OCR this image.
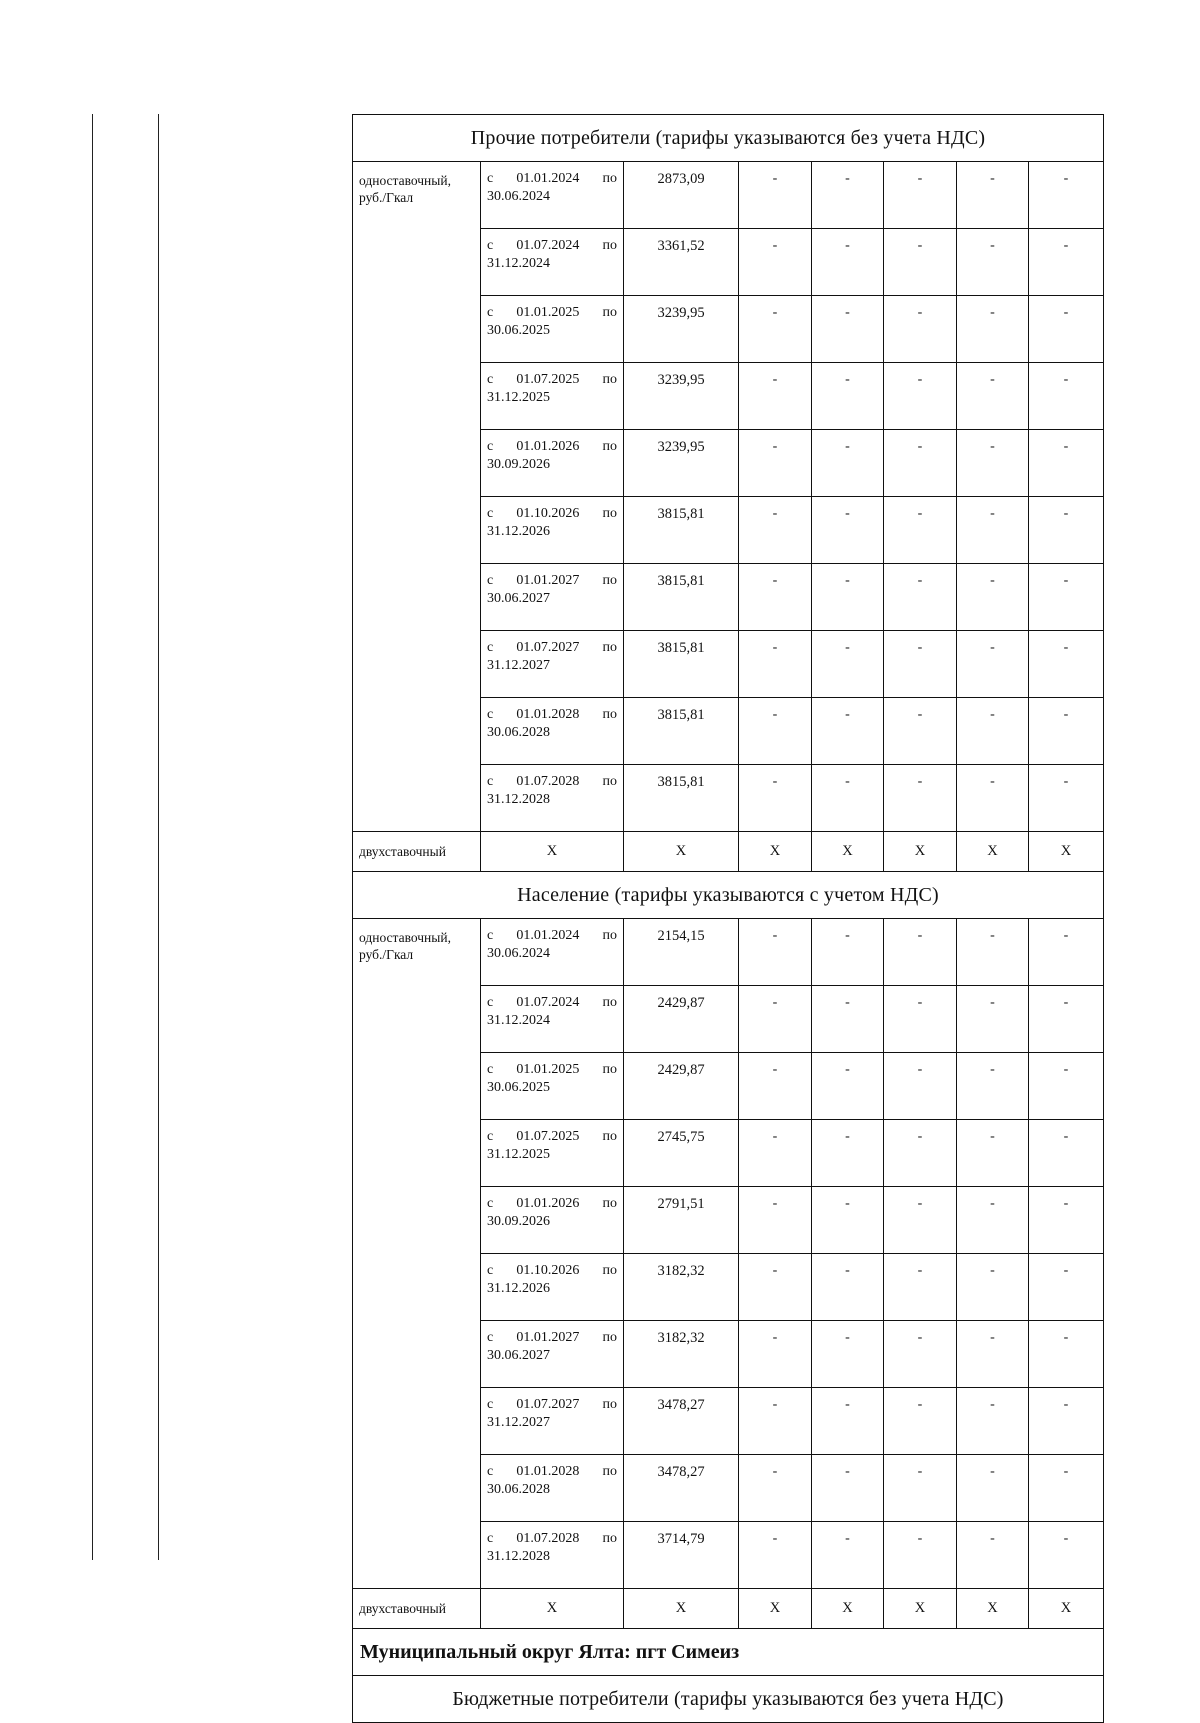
Прочие потребители (тарифы указываются без учета НДС)							
одноставочный, руб./Гкал	с 01.01.2024 по
30.06.2024	2873,09	-	-	-	-	-

	с 01.07.2024 по
31.12.2024	3361,52	-	-	-	-	-

	с 01.01.2025 по
30.06.2025	3239,95	-	-	-	-	-

	с 01.07.2025 по
31.12.2025	3239,95	-	-	-	-	-

	с 01.01.2026 по
30.09.2026	3239,95	-	-	-	-	-

	с 01.10.2026 по
31.12.2026	3815,81	-	-	-	-	-

	с 01.01.2027 по
30.06.2027	3815,81	-	-	-	-	-

	с 01.07.2027 по
31.12.2027	3815,81	-	-	-	-	-

	с 01.01.2028 по
30.06.2028	3815,81	-	-	-	-	-

	с 01.07.2028 по
31.12.2028	3815,81	-	-	-	-	-
двухставочный	X	X	X	X	X	X	X
Население (тарифы указываются с учетом НДС)							
одноставочный, руб./Гкал	с 01.01.2024 по
30.06.2024	2154,15	-	-	-	-	-

	с 01.07.2024 по
31.12.2024	2429,87	-	-	-	-	-

	с 01.01.2025 по
30.06.2025	2429,87	-	-	-	-	-

	с 01.07.2025 по
31.12.2025	2745,75	-	-	-	-	-

	с 01.01.2026 по
30.09.2026	2791,51	-	-	-	-	-

	с 01.10.2026 по
31.12.2026	3182,32	-	-	-	-	-

	с 01.01.2027 по
30.06.2027	3182,32	-	-	-	-	-

	с 01.07.2027 по
31.12.2027	3478,27	-	-	-	-	-

	с 01.01.2028 по
30.06.2028	3478,27	-	-	-	-	-

	с 01.07.2028 по
31.12.2028	3714,79	-	-	-	-	-
двухставочный	X	X	X	X	X	X	X
Муниципальный округ Ялта: пгт Симеиз							
Бюджетные потребители (тарифы указываются без учета НДС)							
